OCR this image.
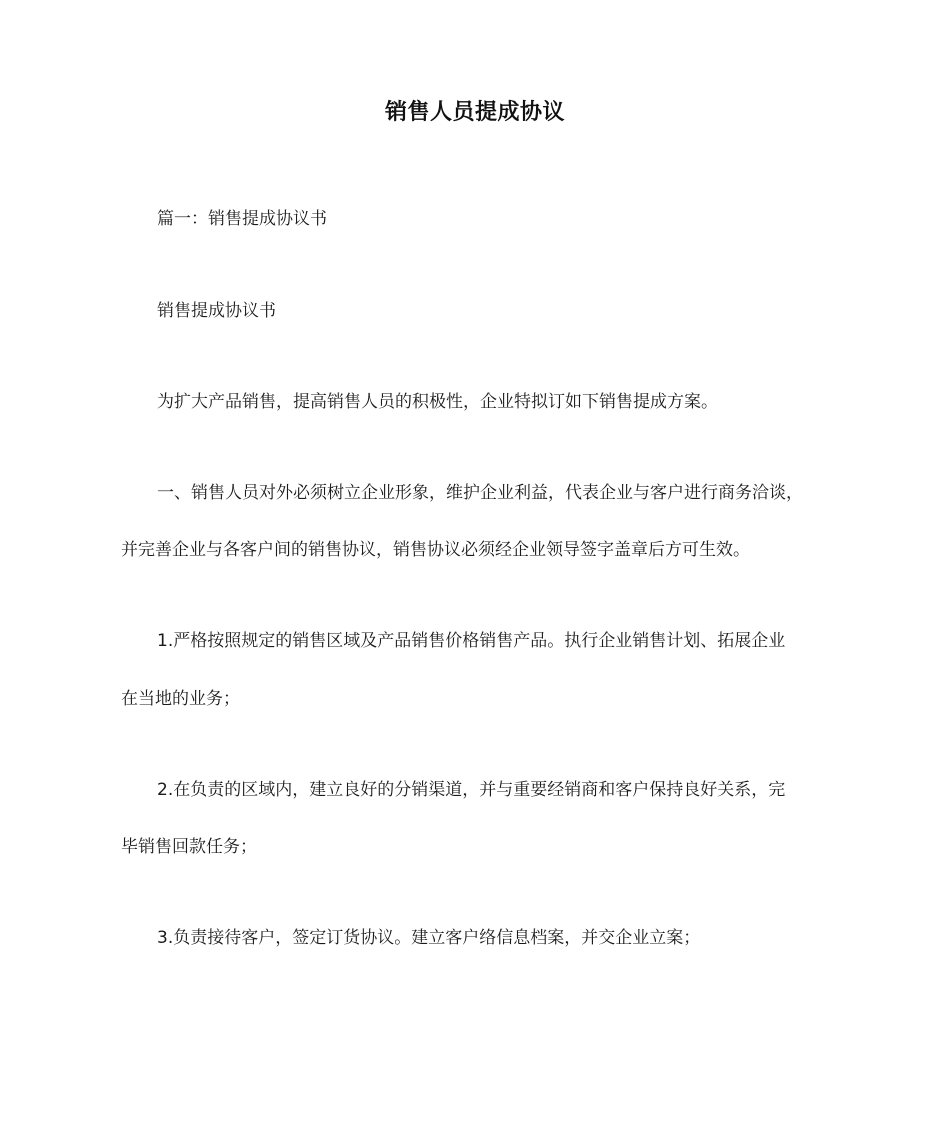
销售人员提成协议
篇一：销售提成协议书
销售提成协议书
为扩大产品销售，提高销售人员的积极性，企业特拟订如下销售提成方案。
一、销售人员对外必须树立企业形象，维护企业利益，代表企业与客户进行商务洽谈，
并完善企业与各客户间的销售协议，销售协议必须经企业领导签字盖章后方可生效。
1.严格按照规定的销售区域及产品销售价格销售产品。执行企业销售计划、拓展企业
在当地的业务；
2.在负责的区域内，建立良好的分销渠道，并与重要经销商和客户保持良好关系，完
毕销售回款任务；
3.负责接待客户，签定订货协议。建立客户络信息档案，并交企业立案；
